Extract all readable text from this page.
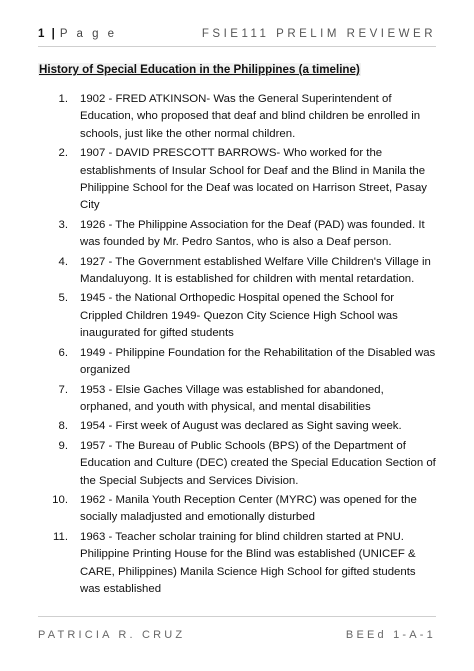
1 | P a g e	FSIE111 PRELIM REVIEWER
History of Special Education in the Philippines (a timeline)
1.	1902 - FRED ATKINSON- Was the General Superintendent of Education, who proposed that deaf and blind children be enrolled in schools, just like the other normal children.
2.	1907 - DAVID PRESCOTT BARROWS- Who worked for the establishments of Insular School for Deaf and the Blind in Manila the Philippine School for the Deaf was located on Harrison Street, Pasay City
3.	1926 - The Philippine Association for the Deaf (PAD) was founded. It was founded by Mr. Pedro Santos, who is also a Deaf person.
4.	1927 - The Government established Welfare Ville Children's Village in Mandaluyong. It is established for children with mental retardation.
5.	1945 - the National Orthopedic Hospital opened the School for Crippled Children 1949- Quezon City Science High School was inaugurated for gifted students
6.	1949 - Philippine Foundation for the Rehabilitation of the Disabled was organized
7.	1953 - Elsie Gaches Village was established for abandoned, orphaned, and youth with physical, and mental disabilities
8.	1954 - First week of August was declared as Sight saving week.
9.	1957 - The Bureau of Public Schools (BPS) of the Department of Education and Culture (DEC) created the Special Education Section of the Special Subjects and Services Division.
10.	1962 - Manila Youth Reception Center (MYRC) was opened for the socially maladjusted and emotionally disturbed
11.	1963 - Teacher scholar training for blind children started at PNU. Philippine Printing House for the Blind was established (UNICEF & CARE, Philippines) Manila Science High School for gifted students was established
PATRICIA R. CRUZ	BEEd 1-A-1
